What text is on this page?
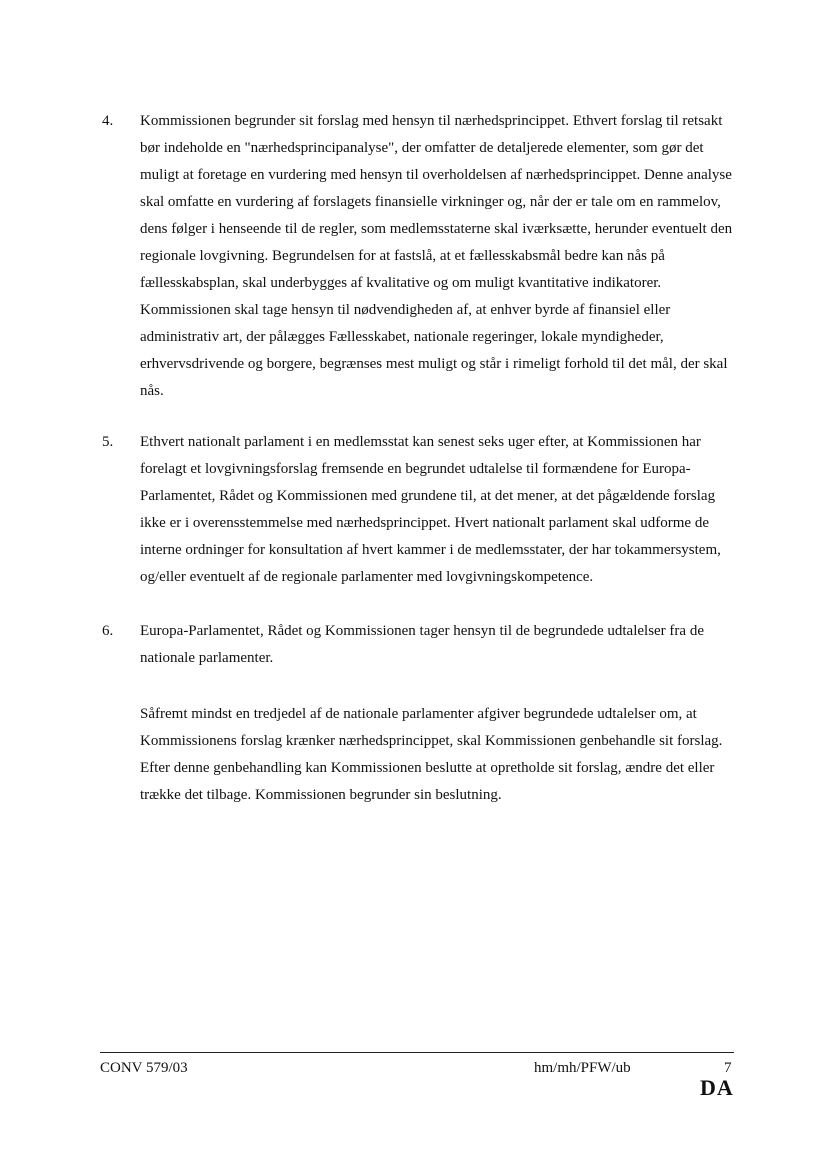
4. Kommissionen begrunder sit forslag med hensyn til nærhedsprincippet. Ethvert forslag til retsakt bør indeholde en "nærhedsprincipanalyse", der omfatter de detaljerede elementer, som gør det muligt at foretage en vurdering med hensyn til overholdelsen af nærhedsprincippet. Denne analyse skal omfatte en vurdering af forslagets finansielle virkninger og, når der er tale om en rammelov, dens følger i henseende til de regler, som medlemsstaterne skal iværksætte, herunder eventuelt den regionale lovgivning. Begrundelsen for at fastslå, at et fællesskabsmål bedre kan nås på fællesskabsplan, skal underbygges af kvalitative og om muligt kvantitative indikatorer. Kommissionen skal tage hensyn til nødvendigheden af, at enhver byrde af finansiel eller administrativ art, der pålægges Fællesskabet, nationale regeringer, lokale myndigheder, erhvervsdrivende og borgere, begrænses mest muligt og står i rimeligt forhold til det mål, der skal nås.
5. Ethvert nationalt parlament i en medlemsstat kan senest seks uger efter, at Kommissionen har forelagt et lovgivningsforslag fremsende en begrundet udtalelse til formændene for Europa-Parlamentet, Rådet og Kommissionen med grundene til, at det mener, at det pågældende forslag ikke er i overensstemmelse med nærhedsprincippet. Hvert nationalt parlament skal udforme de interne ordninger for konsultation af hvert kammer i de medlemsstater, der har tokammersystem, og/eller eventuelt af de regionale parlamenter med lovgivningskompetence.
6. Europa-Parlamentet, Rådet og Kommissionen tager hensyn til de begrundede udtalelser fra de nationale parlamenter.
Såfremt mindst en tredjedel af de nationale parlamenter afgiver begrundede udtalelser om, at Kommissionens forslag krænker nærhedsprincippet, skal Kommissionen genbehandle sit forslag. Efter denne genbehandling kan Kommissionen beslutte at opretholde sit forslag, ændre det eller trække det tilbage. Kommissionen begrunder sin beslutning.
CONV 579/03	hm/mh/PFW/ub	7
DA
